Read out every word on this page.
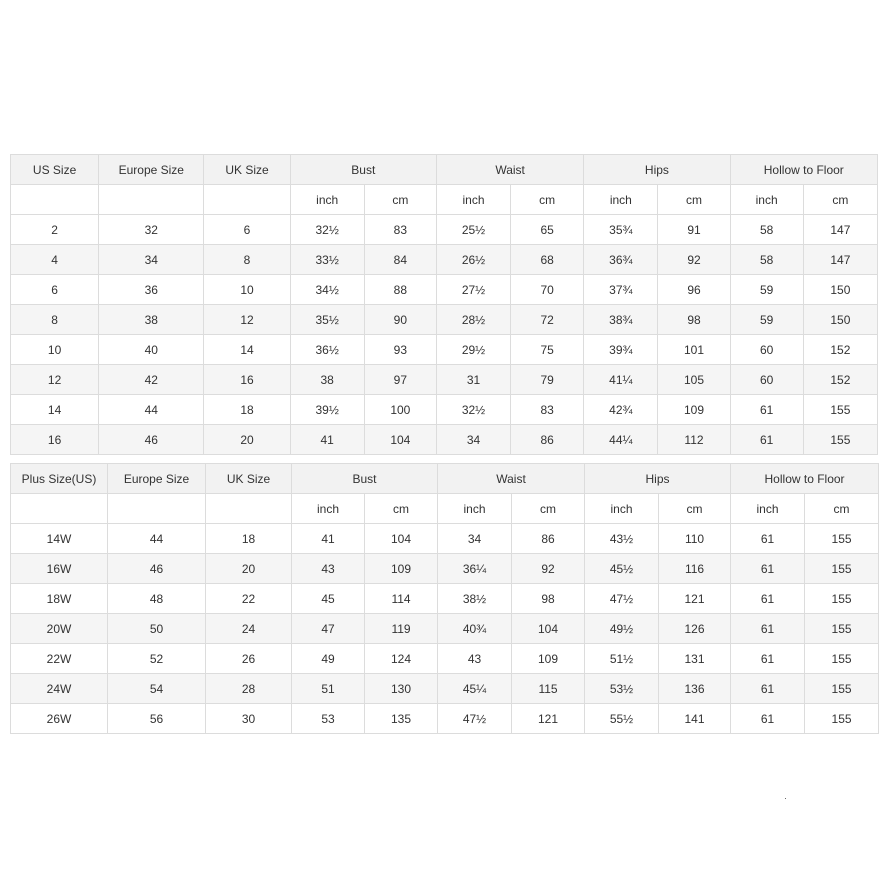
US Size	Europe Size	UK Size	Bust		Waist		Hips		Hollow to Floor	
			inch	cm	inch	cm	inch	cm	inch	cm
2	32	6	32½	83	25½	65	35¾	91	58	147
4	34	8	33½	84	26½	68	36¾	92	58	147
6	36	10	34½	88	27½	70	37¾	96	59	150
8	38	12	35½	90	28½	72	38¾	98	59	150
10	40	14	36½	93	29½	75	39¾	101	60	152
12	42	16	38	97	31	79	41¼	105	60	152
14	44	18	39½	100	32½	83	42¾	109	61	155
16	46	20	41	104	34	86	44¼	112	61	155
Plus Size(US)	Europe Size	UK Size	Bust		Waist		Hips		Hollow to Floor	
			inch	cm	inch	cm	inch	cm	inch	cm
14W	44	18	41	104	34	86	43½	110	61	155
16W	46	20	43	109	36¼	92	45½	116	61	155
18W	48	22	45	114	38½	98	47½	121	61	155
20W	50	24	47	119	40¾	104	49½	126	61	155
22W	52	26	49	124	43	109	51½	131	61	155
24W	54	28	51	130	45¼	115	53½	136	61	155
26W	56	30	53	135	47½	121	55½	141	61	155
